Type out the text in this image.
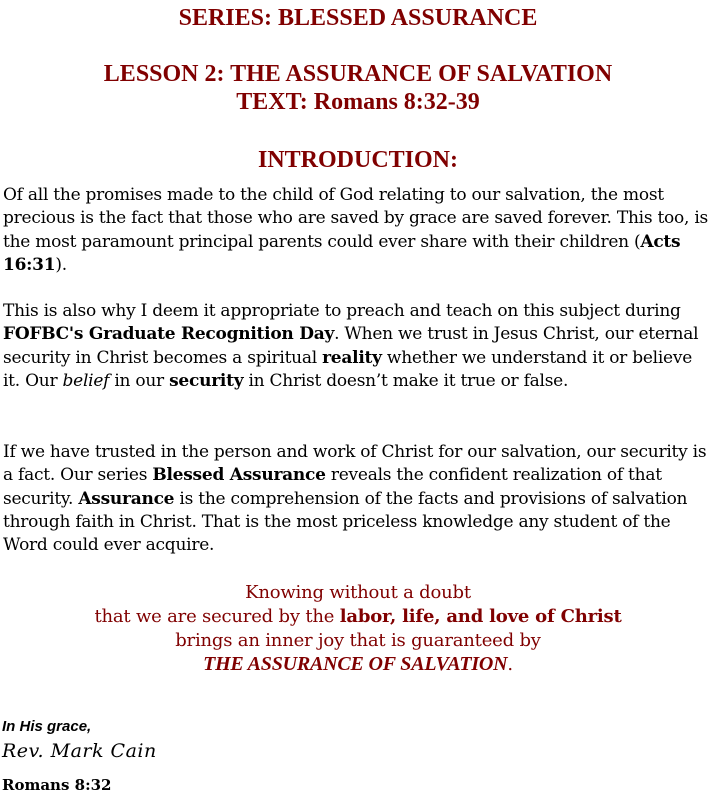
SERIES: BLESSED ASSURANCE
LESSON 2: THE ASSURANCE OF SALVATION
TEXT: Romans 8:32-39
INTRODUCTION:

Of all the promises made to the child of God relating to our salvation, the most precious is the fact that those who are saved by grace are saved forever. This too, is the most paramount principal parents could ever share with their children (Acts 16:31).

This is also why I deem it appropriate to preach and teach on this subject during FOFBC's Graduate Recognition Day. When we trust in Jesus Christ, our eternal security in Christ becomes a spiritual reality whether we understand it or believe it. Our belief in our security in Christ doesn’t make it true or false.

If we have trusted in the person and work of Christ for our salvation, our security is a fact. Our series Blessed Assurance reveals the confident realization of that security. Assurance is the comprehension of the facts and provisions of salvation through faith in Christ. That is the most priceless knowledge any student of the Word could ever acquire.

Knowing without a doubt

that we are secured by the labor, life, and love of Christ

brings an inner joy that is guaranteed by

THE ASSURANCE OF SALVATION.

In His grace,

Rev. Mark Cain

Romans 8:32
